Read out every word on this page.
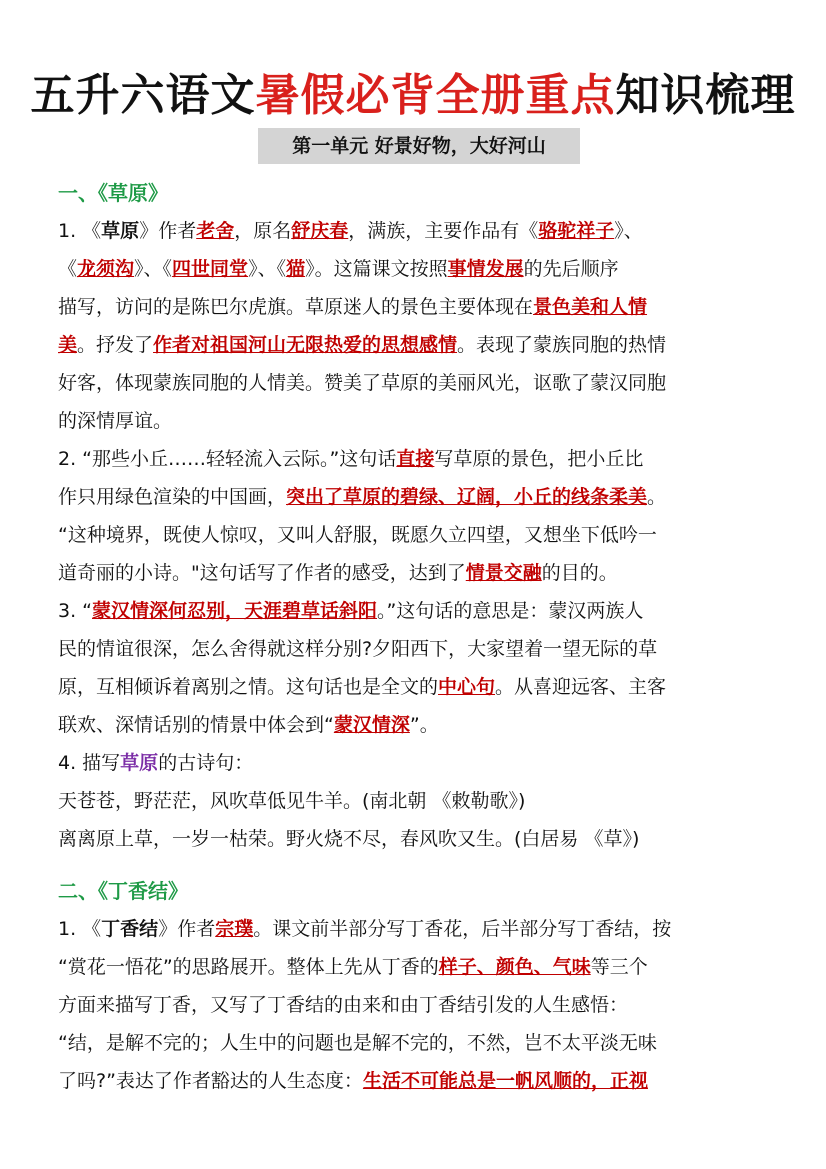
五升六语文暑假必背全册重点知识梳理
第一单元 好景好物，大好河山
一、《草原》
1. 《草原》作者老舍，原名舒庆春，满族，主要作品有《骆驼祥子》、
《龙须沟》、《四世同堂》、《猫》。这篇课文按照事情发展的先后顺序
描写，访问的是陈巴尔虎旗。草原迷人的景色主要体现在景色美和人情
美。抒发了作者对祖国河山无限热爱的思想感情。表现了蒙族同胞的热情
好客，体现蒙族同胞的人情美。赞美了草原的美丽风光，讴歌了蒙汉同胞
的深情厚谊。
2. “那些小丘……轻轻流入云际。”这句话直接写草原的景色，把小丘比
作只用绿色渲染的中国画，突出了草原的碧绿、辽阔，小丘的线条柔美。
“这种境界，既使人惊叹，又叫人舒服，既愿久立四望，又想坐下低吟一
道奇丽的小诗。"这句话写了作者的感受，达到了情景交融的目的。
3. “蒙汉情深何忍别，天涯碧草话斜阳。”这句话的意思是：蒙汉两族人
民的情谊很深，怎么舍得就这样分别?夕阳西下，大家望着一望无际的草
原，互相倾诉着离别之情。这句话也是全文的中心句。从喜迎远客、主客
联欢、深情话别的情景中体会到“蒙汉情深”。
4. 描写草原的古诗句：
天苍苍，野茫茫，风吹草低见牛羊。(南北朝 《敕勒歌》)
离离原上草，一岁一枯荣。野火烧不尽，春风吹又生。(白居易 《草》)
二、《丁香结》
1. 《丁香结》作者宗璞。课文前半部分写丁香花，后半部分写丁香结，按
“赏花一悟花”的思路展开。整体上先从丁香的样子、颜色、气味等三个
方面来描写丁香，又写了丁香结的由来和由丁香结引发的人生感悟：
“结，是解不完的；人生中的问题也是解不完的，不然，岂不太平淡无味
了吗?”表达了作者豁达的人生态度：生活不可能总是一帆风顺的，正视
